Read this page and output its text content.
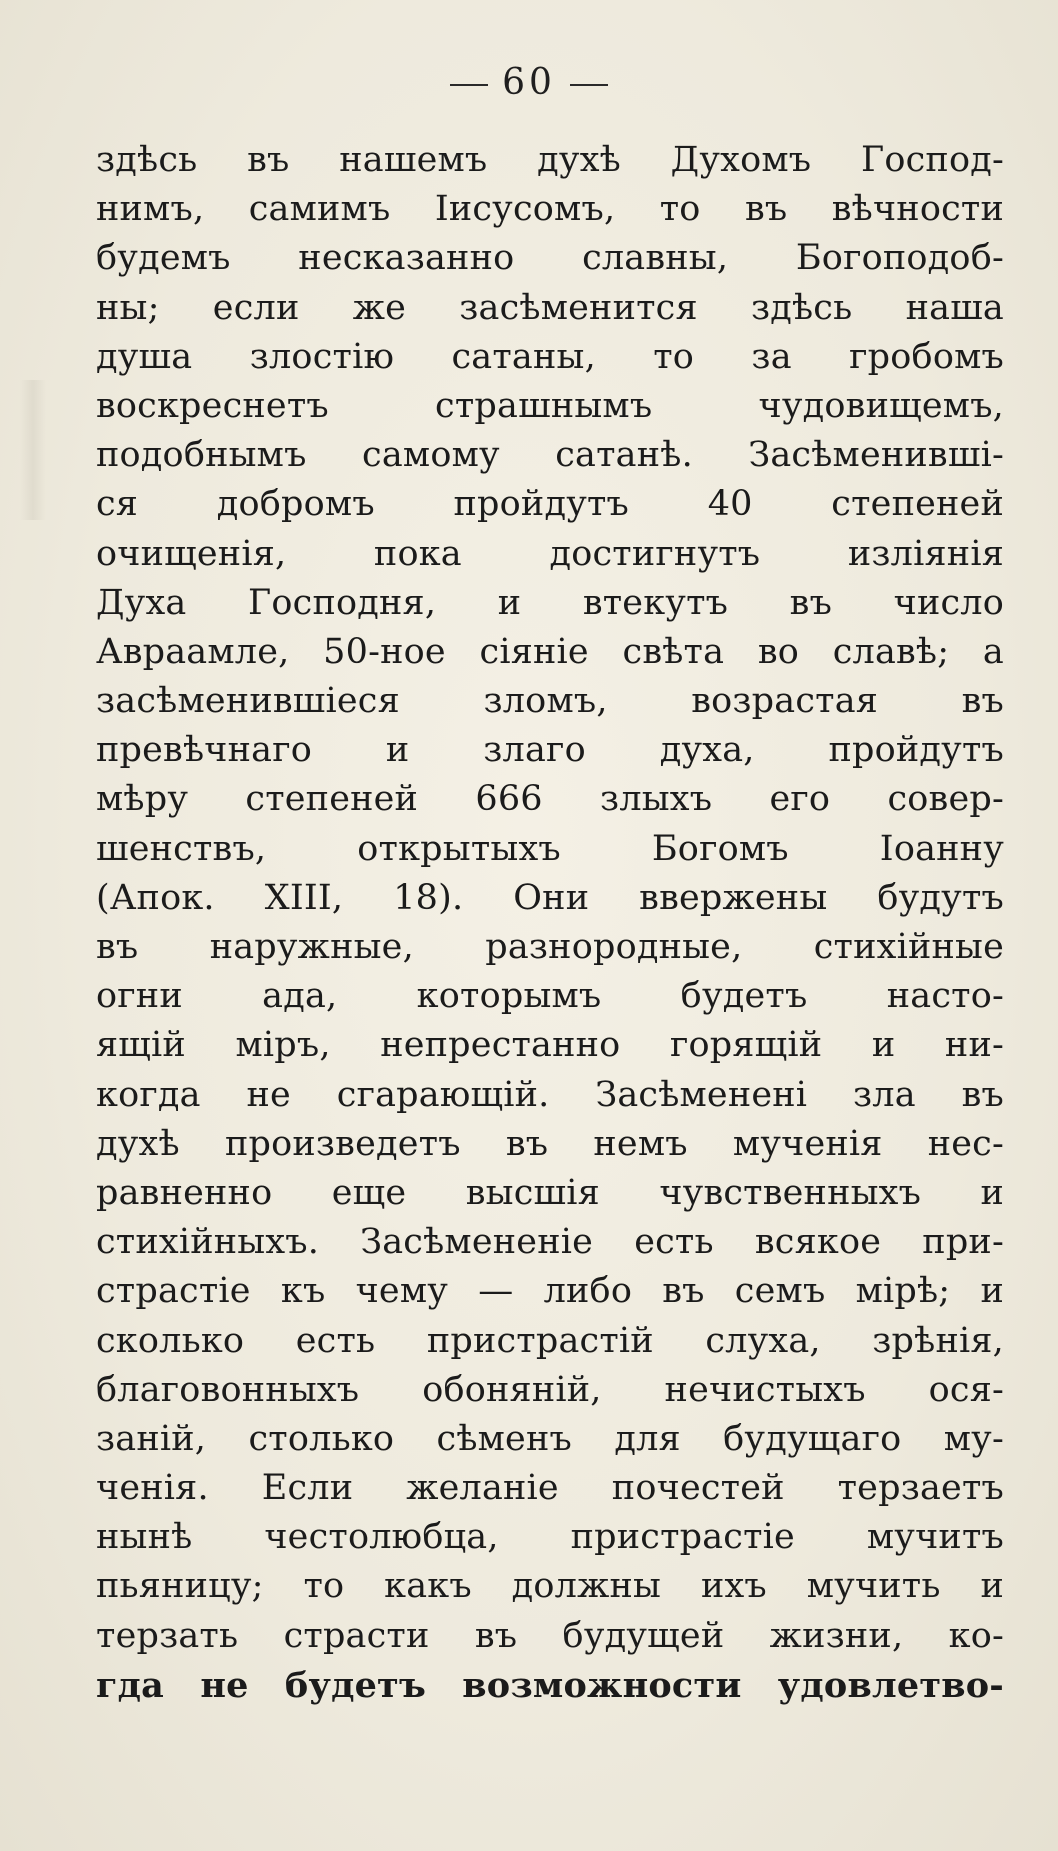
60
здѣсь въ нашемъ духѣ Духомъ Господ-
нимъ, самимъ Іисусомъ, то въ вѣчности
будемъ несказанно славны, Богоподоб-
ны; если же засѣменится здѣсь наша
душа злостію сатаны, то за гробомъ
воскреснетъ страшнымъ чудовищемъ,
подобнымъ самому сатанѣ. Засѣменивші-
ся добромъ пройдутъ 40 степеней
очищенія, пока достигнутъ изліянія
Духа Господня, и втекутъ въ число
Авраамле, 50-ное сіяніе свѣта во славѣ; а
засѣменившіеся зломъ, возрастая въ
превѣчнаго и злаго духа, пройдутъ
мѣру степеней 666 злыхъ его совер-
шенствъ, открытыхъ Богомъ Іоанну
(Апок. XIII, 18). Они ввержены будутъ
въ наружные, разнородные, стихійные
огни ада, которымъ будетъ насто-
ящій міръ, непрестанно горящій и ни-
когда не сгарающій. Засѣменені зла въ
духѣ произведетъ въ немъ мученія нес-
равненно еще высшія чувственныхъ и
стихійныхъ. Засѣмененіе есть всякое при-
страстіе къ чему — либо въ семъ мірѣ; и
сколько есть пристрастій слуха, зрѣнія,
благовонныхъ обоняній, нечистыхъ ося-
заній, столько сѣменъ для будущаго му-
ченія. Если желаніе почестей терзаетъ
нынѣ честолюбца, пристрастіе мучитъ
пьяницу; то какъ должны ихъ мучить и
терзать страсти въ будущей жизни, ко-
гда не будетъ возможности удовлетво-
